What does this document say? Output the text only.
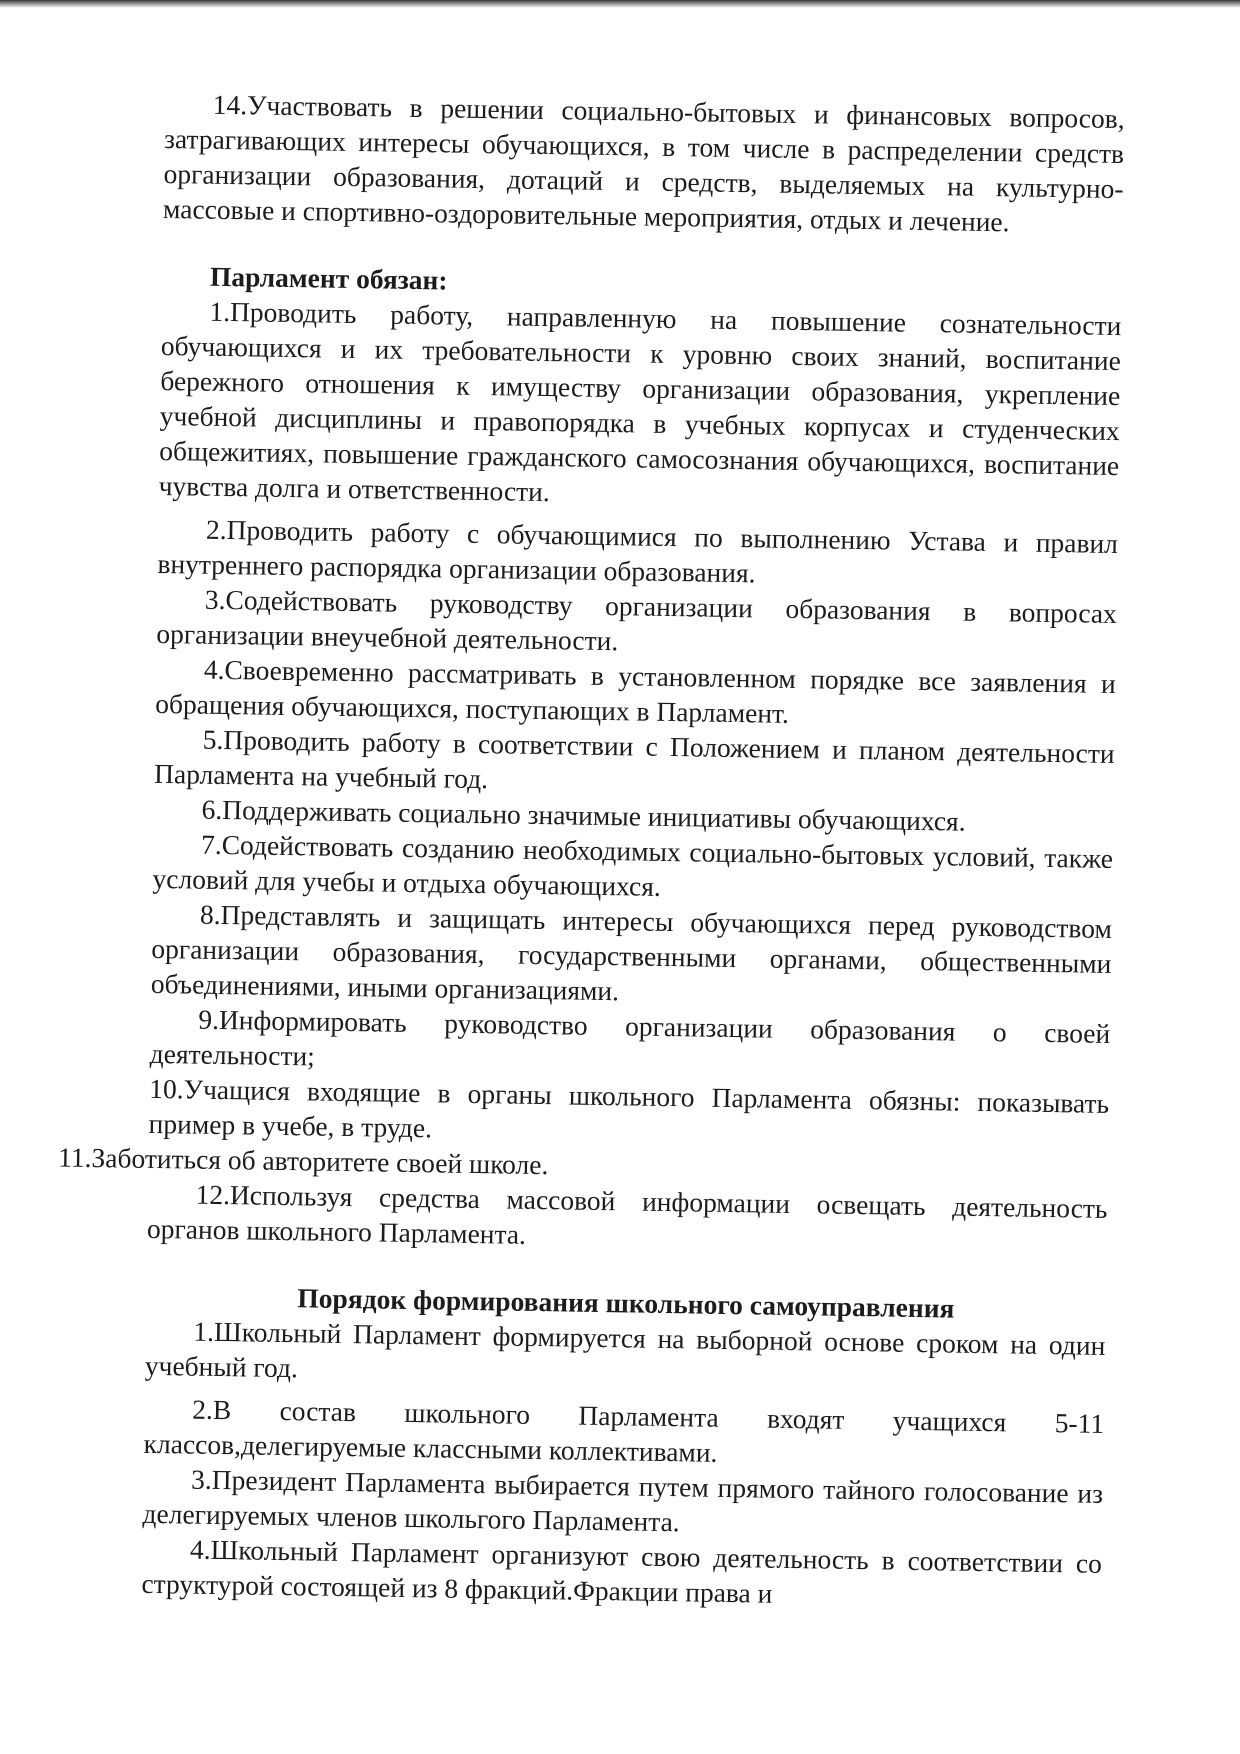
14.Участвовать в решении социально-бытовых и финансовых вопросов, затрагивающих интересы обучающихся, в том числе в распределении средств организации образования, дотаций и средств, выделяемых на культурно-массовые и спортивно-оздоровительные мероприятия, отдых и лечение.

Парламент обязан:

1.Проводить работу, направленную на повышение сознательности обучающихся и их требовательности к уровню своих знаний, воспитание бережного отношения к имуществу организации образования, укрепление учебной дисциплины и правопорядка в учебных корпусах и студенческих общежитиях, повышение гражданского самосознания обучающихся, воспитание чувства долга и ответственности.

2.Проводить работу с обучающимися по выполнению Устава и правил внутреннего распорядка организации образования.

3.Содействовать руководству организации образования в вопросах организации внеучебной деятельности.

4.Своевременно рассматривать в установленном порядке все заявления и обращения обучающихся, поступающих в Парламент.

5.Проводить работу в соответствии с Положением и планом деятельности Парламента на учебный год.

6.Поддерживать социально значимые инициативы обучающихся.

7.Содействовать созданию необходимых социально-бытовых условий, также условий для учебы и отдыха обучающихся.

8.Представлять и защищать интересы обучающихся перед руководством организации образования, государственными органами, общественными объединениями, иными организациями.

9.Информировать руководство организации образования о своей деятельности;

10.Учащися входящие в органы школьного Парламента обязны: показывать пример в учебе, в труде.

11.Заботиться об авторитете своей школе.

12.Используя средства массовой информации освещать деятельность органов школьного Парламента.

Порядок формирования школьного самоуправления

1.Школьный Парламент формируется на выборной основе сроком на один учебный год.

2.В состав школьного Парламента входят учащихся 5-11 классов,делегируемые классными коллективами.

3.Президент Парламента выбирается путем прямого тайного голосование из делегируемых членов школьгого Парламента.

4.Школьный Парламент организуют свою деятельность в соответствии со структурой состоящей из 8 фракций.Фракции права и
